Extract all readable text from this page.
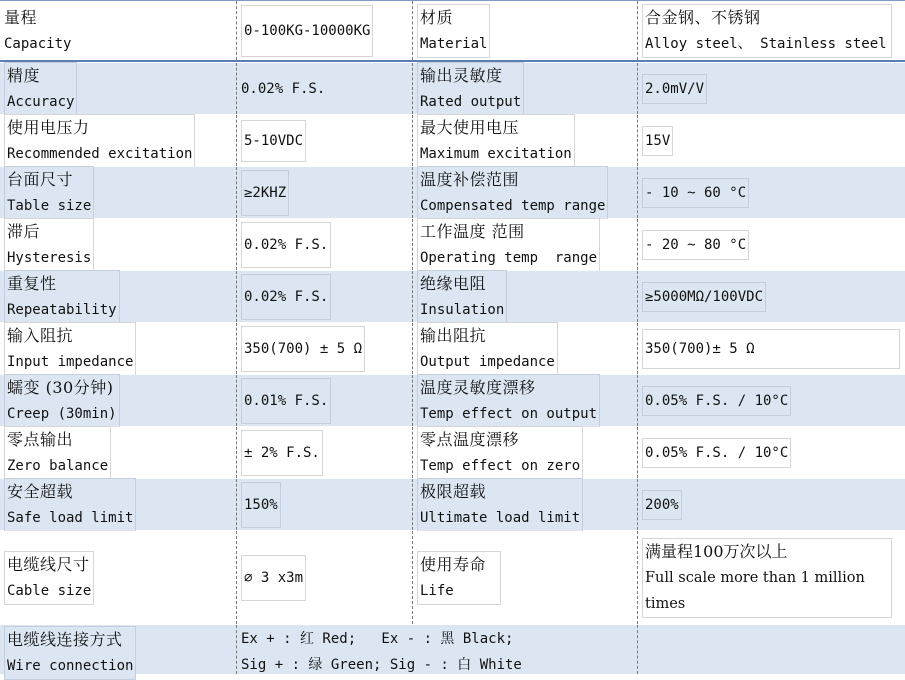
量程
Capacity
0-100KG-10000KG
材质
Material
合金钢、不锈钢
Alloy steel、 Stainless steel
精度
Accuracy
0.02% F.S.
输出灵敏度
Rated output
2.0mV/V
使用电压力
Recommended excitation
5-10VDC
最大使用电压
Maximum excitation
15V
台面尺寸
Table size
≥2KHZ
温度补偿范围
Compensated temp range
- 10 ~ 60 °C
滞后
Hysteresis
0.02% F.S.
工作温度 范围
Operating temp  range
- 20 ~ 80 °C
重复性
Repeatability
0.02% F.S.
绝缘电阻
Insulation
≥5000MΩ/100VDC
输入阻抗
Input impedance
350(700) ± 5 Ω
输出阻抗
Output impedance
350(700)± 5 Ω
蠕变 (30分钟)
Creep (30min)
0.01% F.S.
温度灵敏度漂移
Temp effect on output
0.05% F.S. / 10°C
零点输出
Zero balance
± 2% F.S.
零点温度漂移
Temp effect on zero
0.05% F.S. / 10°C
安全超载
Safe load limit
150%
极限超载
Ultimate load limit
200%
电缆线尺寸
Cable size
⌀ 3 x3m
使用寿命
Life
满量程100万次以上
Full scale more than 1 million
times
电缆线连接方式
Wire connection
Ex + : 红 Red;   Ex - : 黑 Black;
Sig + : 绿 Green; Sig - : 白 White
